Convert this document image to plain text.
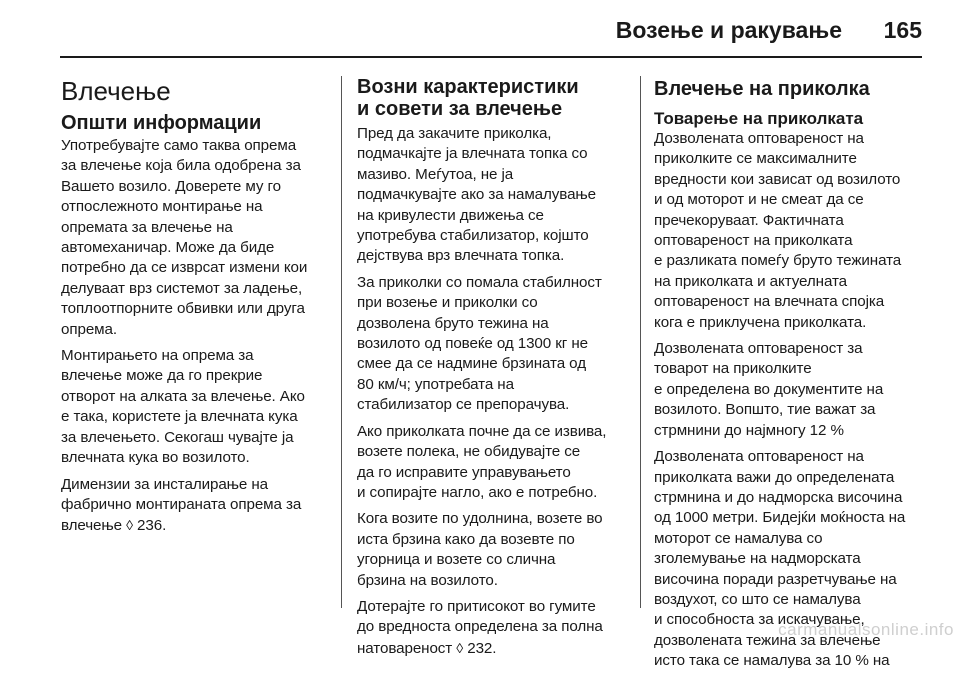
Возење и ракување 165
Влечење
Општи информации

Употребувајте само таква опрема
за влечење која била одобрена за
Вашето возило. Доверете му го
отпослежното монтирање на
опремата за влечење на
автомеханичар. Може да биде
потребно да се изврсат измени кои
делуваат врз системот за ладење,
топлоотпорните обвивки или друга
опрема.

Монтирањето на опрема за
влечење може да го прекрие
отворот на алката за влечење. Ако
е така, користете ја влечната кука
за влечењето. Секогаш чувајте ја
влечната кука во возилото.

Димензии за инсталирање на
фабрично монтираната опрема за
влечење ◊ 236.

Возни карактеристики
и совети за влечење

Пред да закачите приколка,
подмачкајте ја влечната топка со
мазиво. Меѓутоа, не ја
подмачкувајте ако за намалување
на кривулести движења се
употребува стабилизатор, којшто
дејствува врз влечната топка.

За приколки со помала стабилност
при возење и приколки со
дозволена бруто тежина на
возилото од повеќе од 1300 кг не
смее да се надмине брзината од
80 км/ч; употребата на
стабилизатор се препорачува.

Ако приколката почне да се извива,
возете полека, не обидувајте се
да го исправите управувањето
и сопирајте нагло, ако е потребно.

Кога возите по удолнина, возете во
иста брзина како да возевте по
угорница и возете со слична
брзина на возилото.

Дотерајте го притисокот во гумите
до вредноста определена за полна
натовареност ◊ 232.

Влечење на приколка
Товарење на приколката

Дозволената оптовареност на
приколките се максималните
вредности кои зависат од возилото
и од моторот и не смеат да се
пречекоруваат. Фактичната
оптовареност на приколката
е разликата помеѓу бруто тежината
на приколката и актуелната
оптовареност на влечната спојка
кога е приклучена приколката.

Дозволената оптовареност за
товарот на приколките
е определена во документите на
возилото. Вопшто, тие важат за
стрмнини до најмногу 12 %

Дозволената оптовареност на
приколката важи до определената
стрмнина и до надморска височина
од 1000 метри. Бидејќи моќноста на
моторот се намалува со
зголемување на надморската
височина поради разретчување на
воздухот, со што се намалува
и способноста за искачување,
дозволената тежина за влечење
исто така се намалува за 10 % на

carmanualsonline.info
